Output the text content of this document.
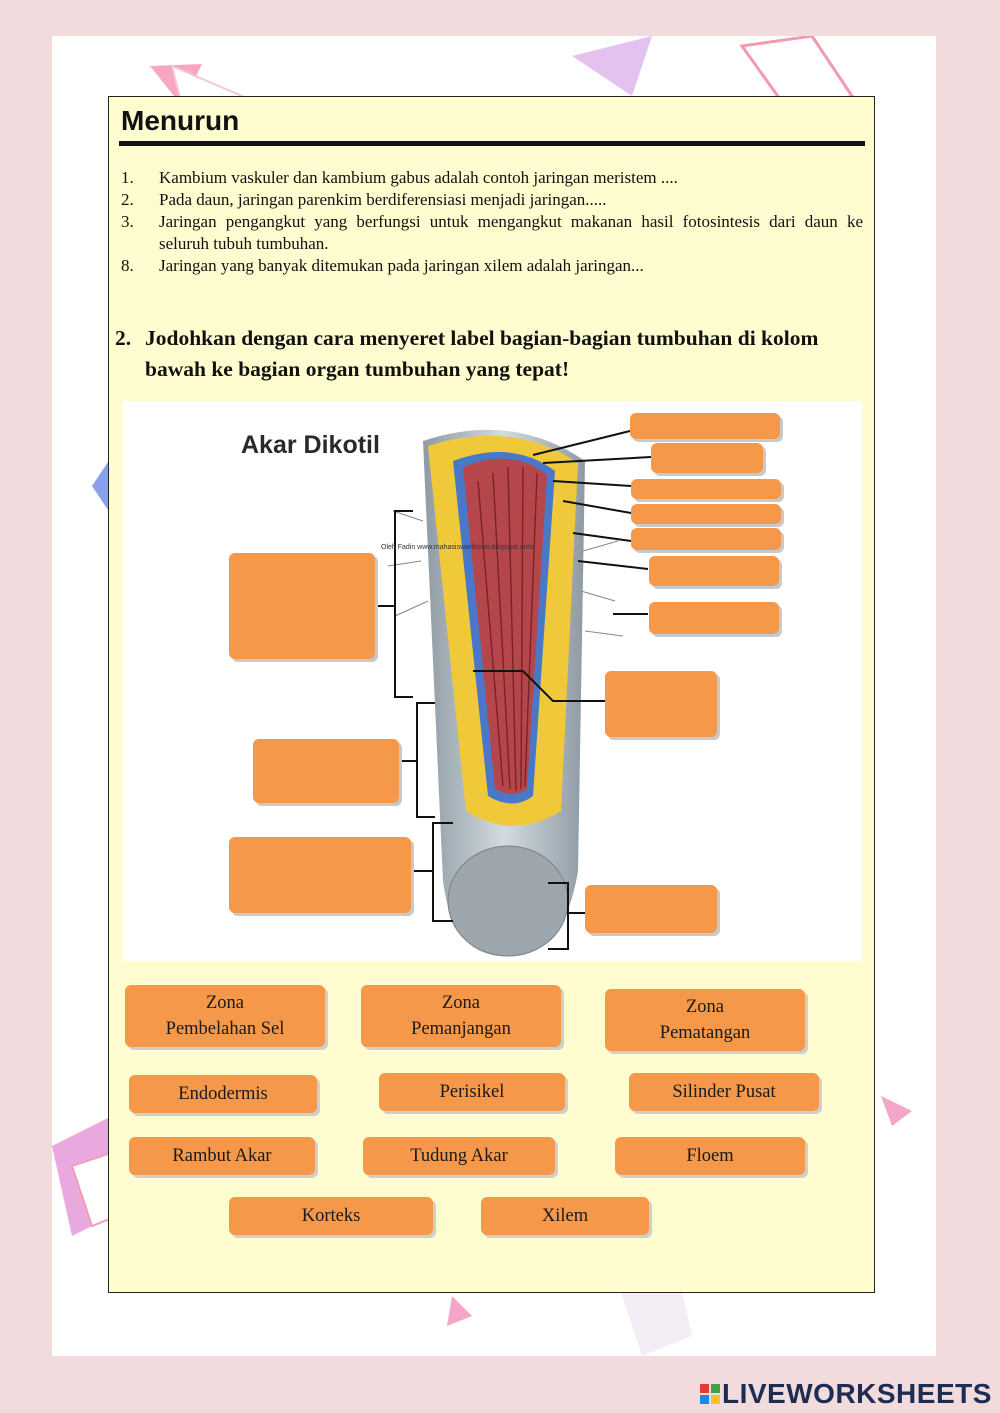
Menurun
1.	Kambium vaskuler dan kambium gabus adalah contoh jaringan meristem ....
2.	Pada daun, jaringan parenkim berdiferensiasi menjadi jaringan.....
3.	Jaringan pengangkut yang berfungsi untuk mengangkut makanan hasil fotosintesis dari daun ke seluruh tubuh tumbuhan.
8.	Jaringan yang banyak ditemukan pada jaringan xilem adalah jaringan...
2. Jodohkan dengan cara menyeret label bagian-bagian tumbuhan di kolom bawah ke bagian organ tumbuhan yang tepat!
Oleh Fadin www.mahasiswaribowo.blogspot.com
Akar Dikotil
Zona
Pembelahan Sel
Zona
Pemanjangan
Zona
Pematangan
Endodermis	Perisikel	Silinder Pusat
Rambut Akar	Tudung Akar	Floem
Korteks	Xilem
LIVEWORKSHEETS
